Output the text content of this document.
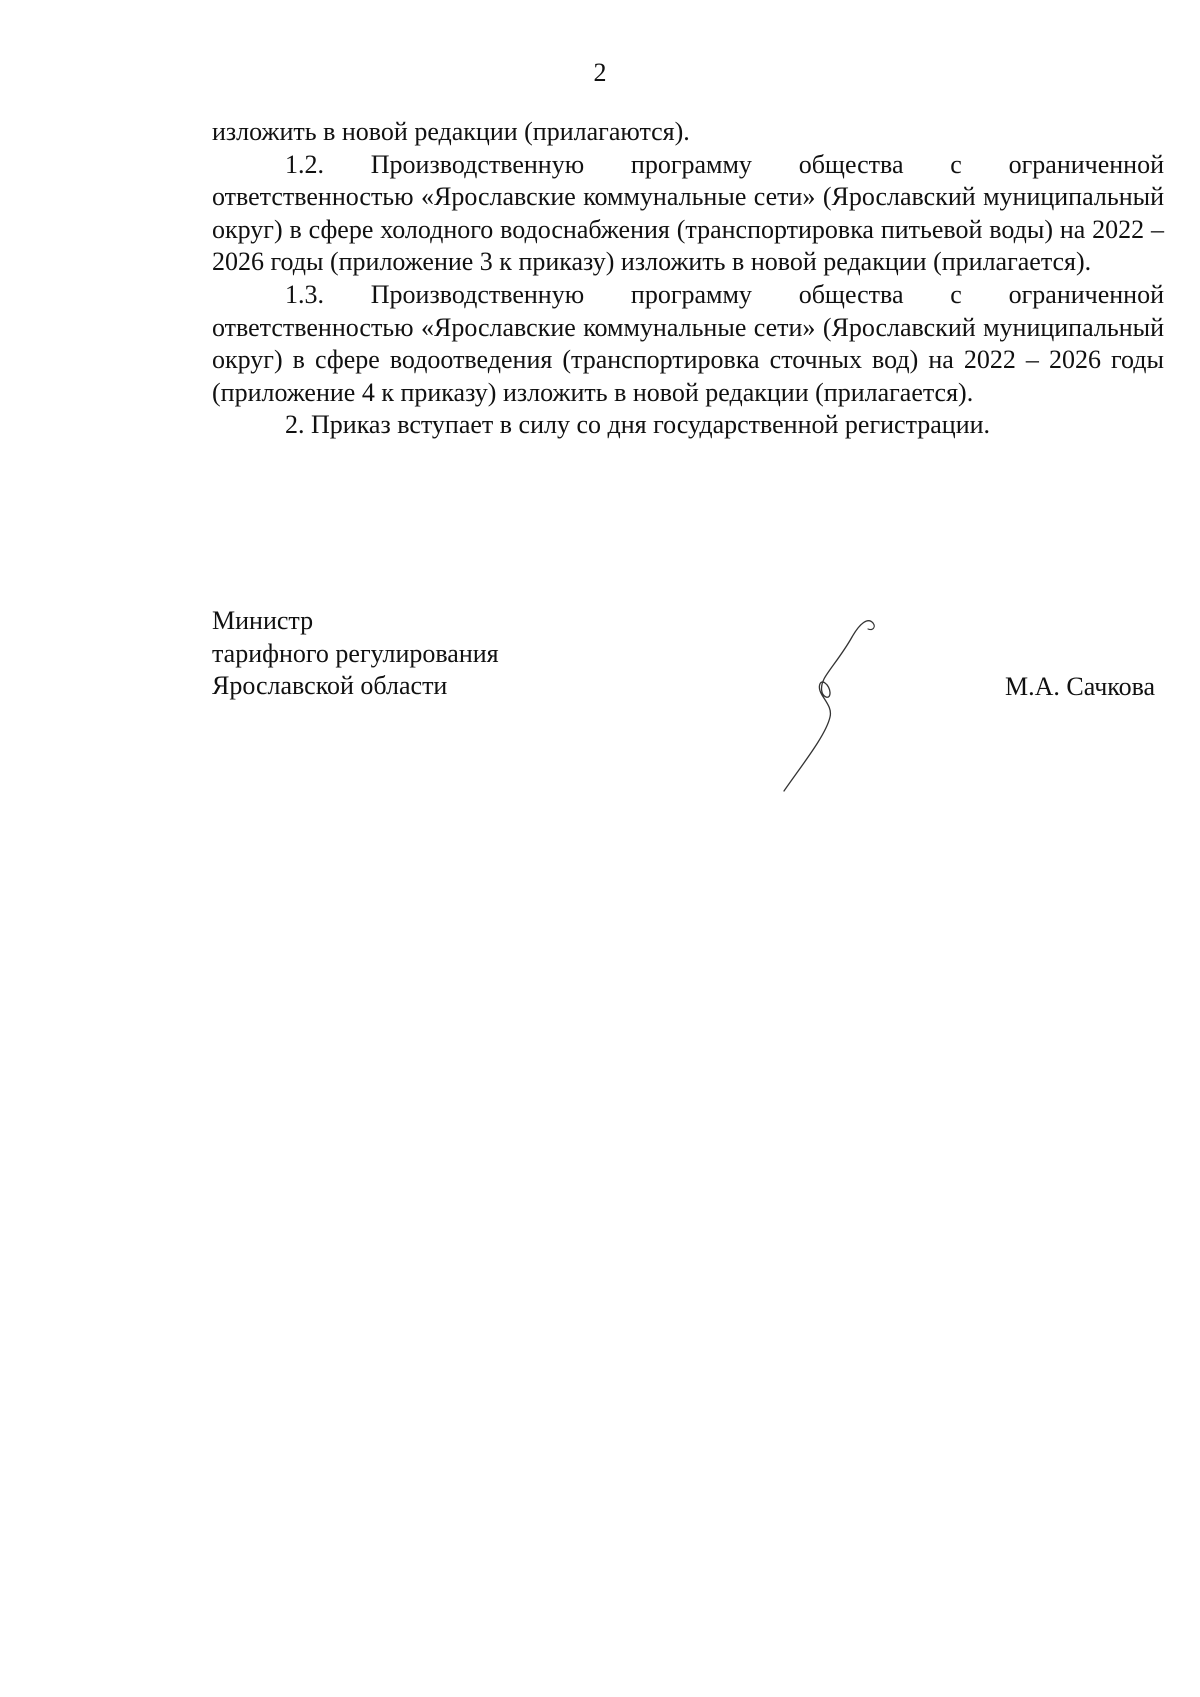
2

изложить в новой редакции (прилагаются).

1.2. Производственную программу общества с ограниченной ответственностью «Ярославские коммунальные сети» (Ярославский муниципальный округ) в сфере холодного водоснабжения (транспортировка питьевой воды) на 2022 – 2026 годы (приложение 3 к приказу) изложить в новой редакции (прилагается).

1.3. Производственную программу общества с ограниченной ответственностью «Ярославские коммунальные сети» (Ярославский муниципальный округ) в сфере водоотведения (транспортировка сточных вод) на 2022 – 2026 годы (приложение 4 к приказу) изложить в новой редакции (прилагается).

2. Приказ вступает в силу со дня государственной регистрации.

Министр
тарифного регулирования
Ярославской области	М.А. Сачкова
